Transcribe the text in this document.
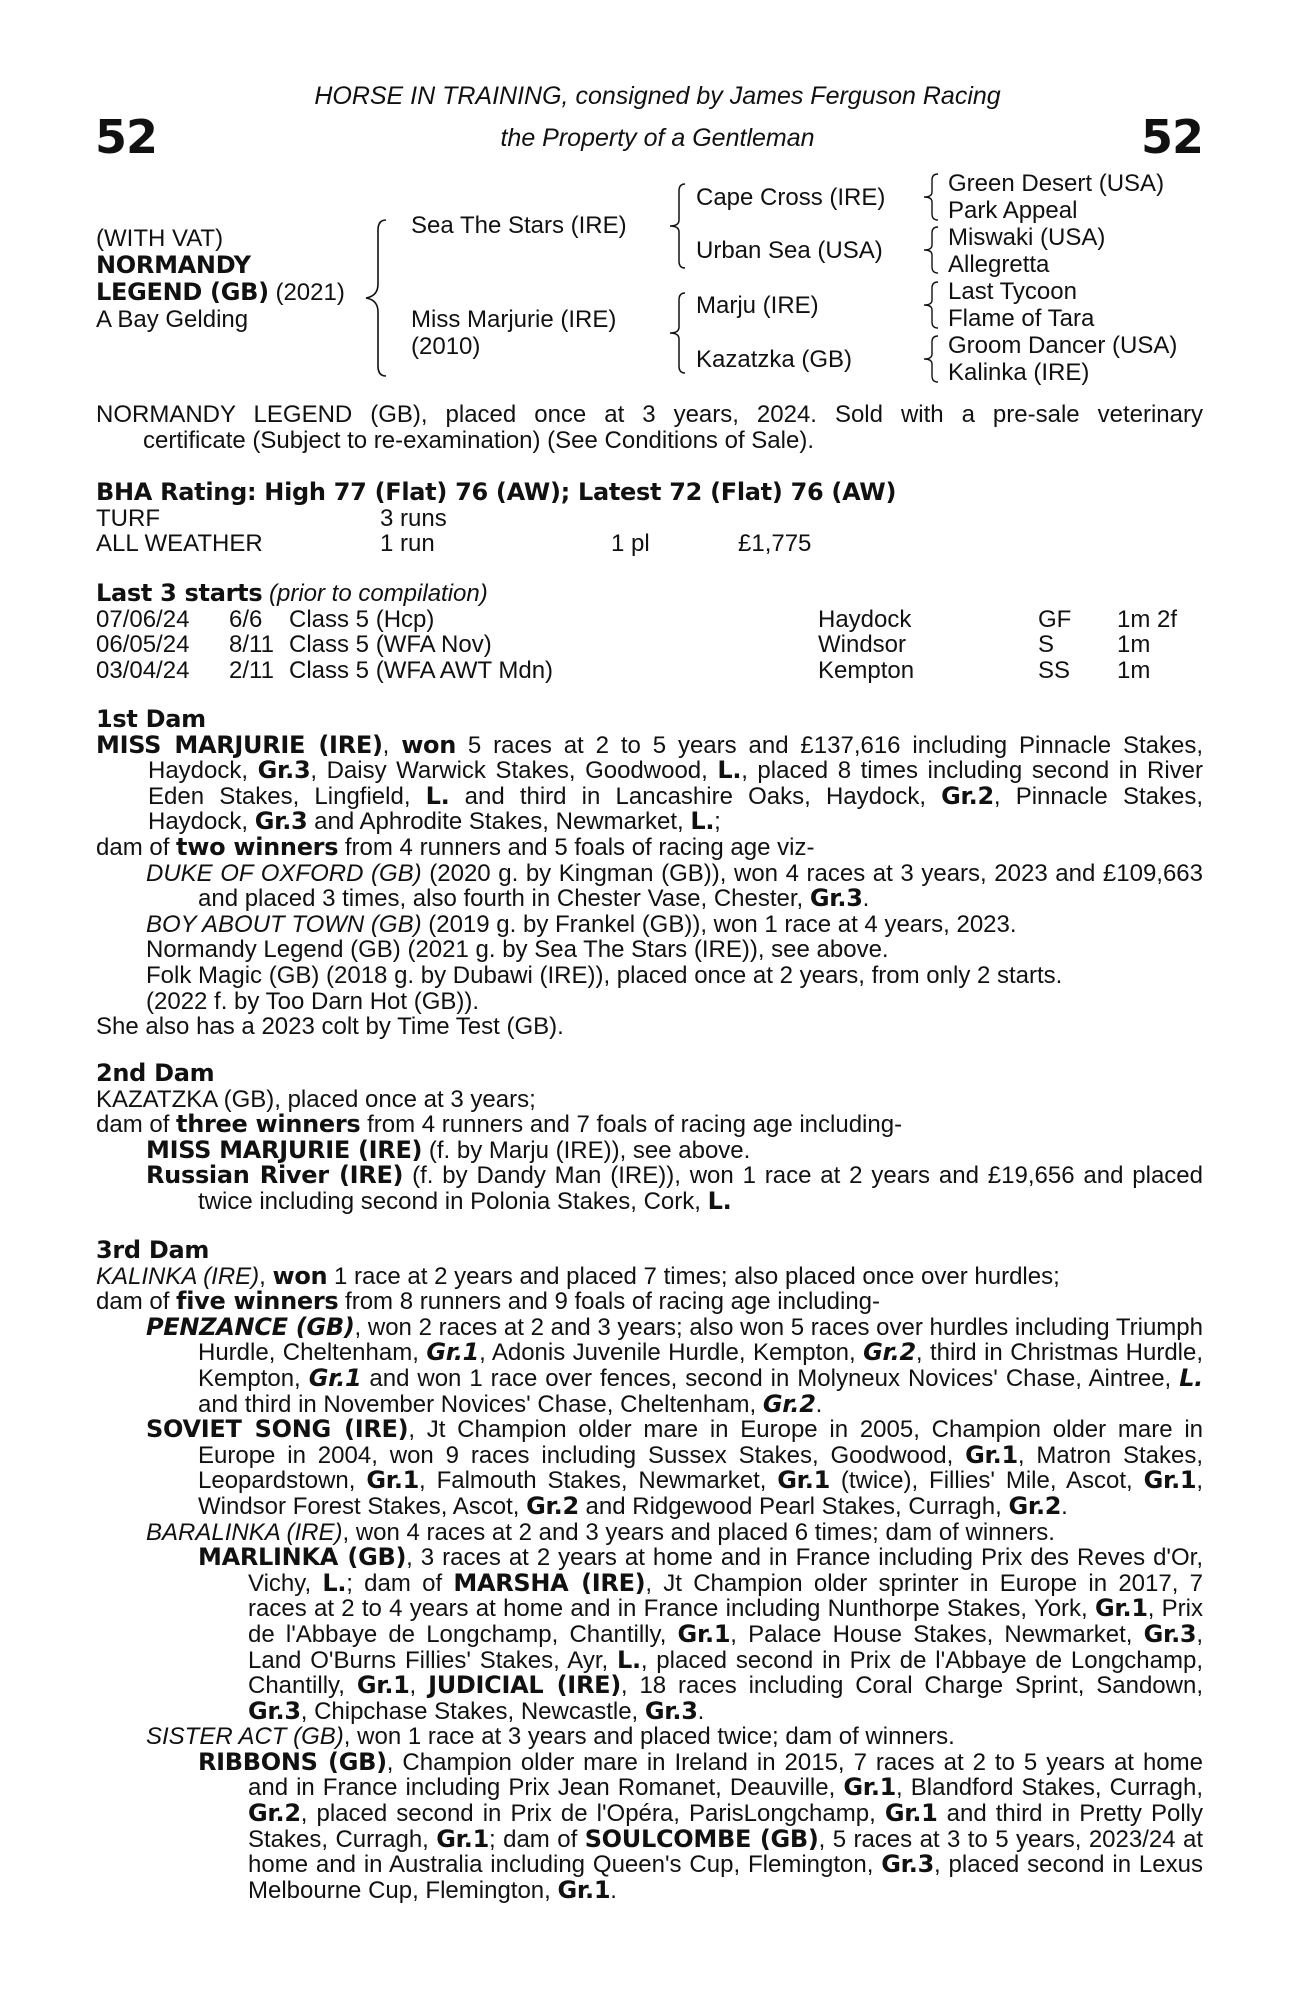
52	52
HORSE IN TRAINING, consigned by James Ferguson Racing
the Property of a Gentleman
(WITH VAT)
NORMANDY
LEGEND (GB) (2021)
A Bay Gelding
Sea The Stars (IRE)
Miss Marjurie (IRE)
(2010)
Cape Cross (IRE)
Urban Sea (USA)
Marju (IRE)
Kazatzka (GB)
Green Desert (USA)
Park Appeal
Miswaki (USA)
Allegretta
Last Tycoon
Flame of Tara
Groom Dancer (USA)
Kalinka (IRE)
NORMANDY LEGEND (GB), placed once at 3 years, 2024. Sold with a pre-sale veterinary
certificate (Subject to re-examination) (See Conditions of Sale).
BHA Rating: High 77 (Flat) 76 (AW); Latest 72 (Flat) 76 (AW)
TURF	3 runs
ALL WEATHER	1 run	1 pl	£1,775
Last 3 starts (prior to compilation)
07/06/24 6/6 Class 5 (Hcp)	Haydock	GF 1m 2f
06/05/24 8/11 Class 5 (WFA Nov)	Windsor	S	1m
03/04/24 2/11 Class 5 (WFA AWT Mdn)	Kempton	SS 1m
1st Dam

MISS MARJURIE (IRE), won 5 races at 2 to 5 years and £137,616 including Pinnacle Stakes, Haydock, Gr.3, Daisy Warwick Stakes, Goodwood, L., placed 8 times including second in River Eden Stakes, Lingfield, L. and third in Lancashire Oaks, Haydock, Gr.2, Pinnacle Stakes, Haydock, Gr.3 and Aphrodite Stakes, Newmarket, L.;

dam of two winners from 4 runners and 5 foals of racing age viz-

DUKE OF OXFORD (GB) (2020 g. by Kingman (GB)), won 4 races at 3 years, 2023 and £109,663 and placed 3 times, also fourth in Chester Vase, Chester, Gr.3.

BOY ABOUT TOWN (GB) (2019 g. by Frankel (GB)), won 1 race at 4 years, 2023.

Normandy Legend (GB) (2021 g. by Sea The Stars (IRE)), see above.

Folk Magic (GB) (2018 g. by Dubawi (IRE)), placed once at 2 years, from only 2 starts.

(2022 f. by Too Darn Hot (GB)).

She also has a 2023 colt by Time Test (GB).

2nd Dam

KAZATZKA (GB), placed once at 3 years;

dam of three winners from 4 runners and 7 foals of racing age including-

MISS MARJURIE (IRE) (f. by Marju (IRE)), see above.

Russian River (IRE) (f. by Dandy Man (IRE)), won 1 race at 2 years and £19,656 and placed twice including second in Polonia Stakes, Cork, L.

3rd Dam

KALINKA (IRE), won 1 race at 2 years and placed 7 times; also placed once over hurdles;

dam of five winners from 8 runners and 9 foals of racing age including-

PENZANCE (GB), won 2 races at 2 and 3 years; also won 5 races over hurdles including Triumph Hurdle, Cheltenham, Gr.1, Adonis Juvenile Hurdle, Kempton, Gr.2, third in Christmas Hurdle, Kempton, Gr.1 and won 1 race over fences, second in Molyneux Novices' Chase, Aintree, L. and third in November Novices' Chase, Cheltenham, Gr.2.

SOVIET SONG (IRE), Jt Champion older mare in Europe in 2005, Champion older mare in Europe in 2004, won 9 races including Sussex Stakes, Goodwood, Gr.1, Matron Stakes, Leopardstown, Gr.1, Falmouth Stakes, Newmarket, Gr.1 (twice), Fillies' Mile, Ascot, Gr.1, Windsor Forest Stakes, Ascot, Gr.2 and Ridgewood Pearl Stakes, Curragh, Gr.2.

BARALINKA (IRE), won 4 races at 2 and 3 years and placed 6 times; dam of winners.

MARLINKA (GB), 3 races at 2 years at home and in France including Prix des Reves d'Or, Vichy, L.; dam of MARSHA (IRE), Jt Champion older sprinter in Europe in 2017, 7 races at 2 to 4 years at home and in France including Nunthorpe Stakes, York, Gr.1, Prix de l'Abbaye de Longchamp, Chantilly, Gr.1, Palace House Stakes, Newmarket, Gr.3, Land O'Burns Fillies' Stakes, Ayr, L., placed second in Prix de l'Abbaye de Longchamp, Chantilly, Gr.1, JUDICIAL (IRE), 18 races including Coral Charge Sprint, Sandown, Gr.3, Chipchase Stakes, Newcastle, Gr.3.

SISTER ACT (GB), won 1 race at 3 years and placed twice; dam of winners.

RIBBONS (GB), Champion older mare in Ireland in 2015, 7 races at 2 to 5 years at home and in France including Prix Jean Romanet, Deauville, Gr.1, Blandford Stakes, Curragh, Gr.2, placed second in Prix de l'Opéra, ParisLongchamp, Gr.1 and third in Pretty Polly Stakes, Curragh, Gr.1; dam of SOULCOMBE (GB), 5 races at 3 to 5 years, 2023/24 at home and in Australia including Queen's Cup, Flemington, Gr.3, placed second in Lexus Melbourne Cup, Flemington, Gr.1.
